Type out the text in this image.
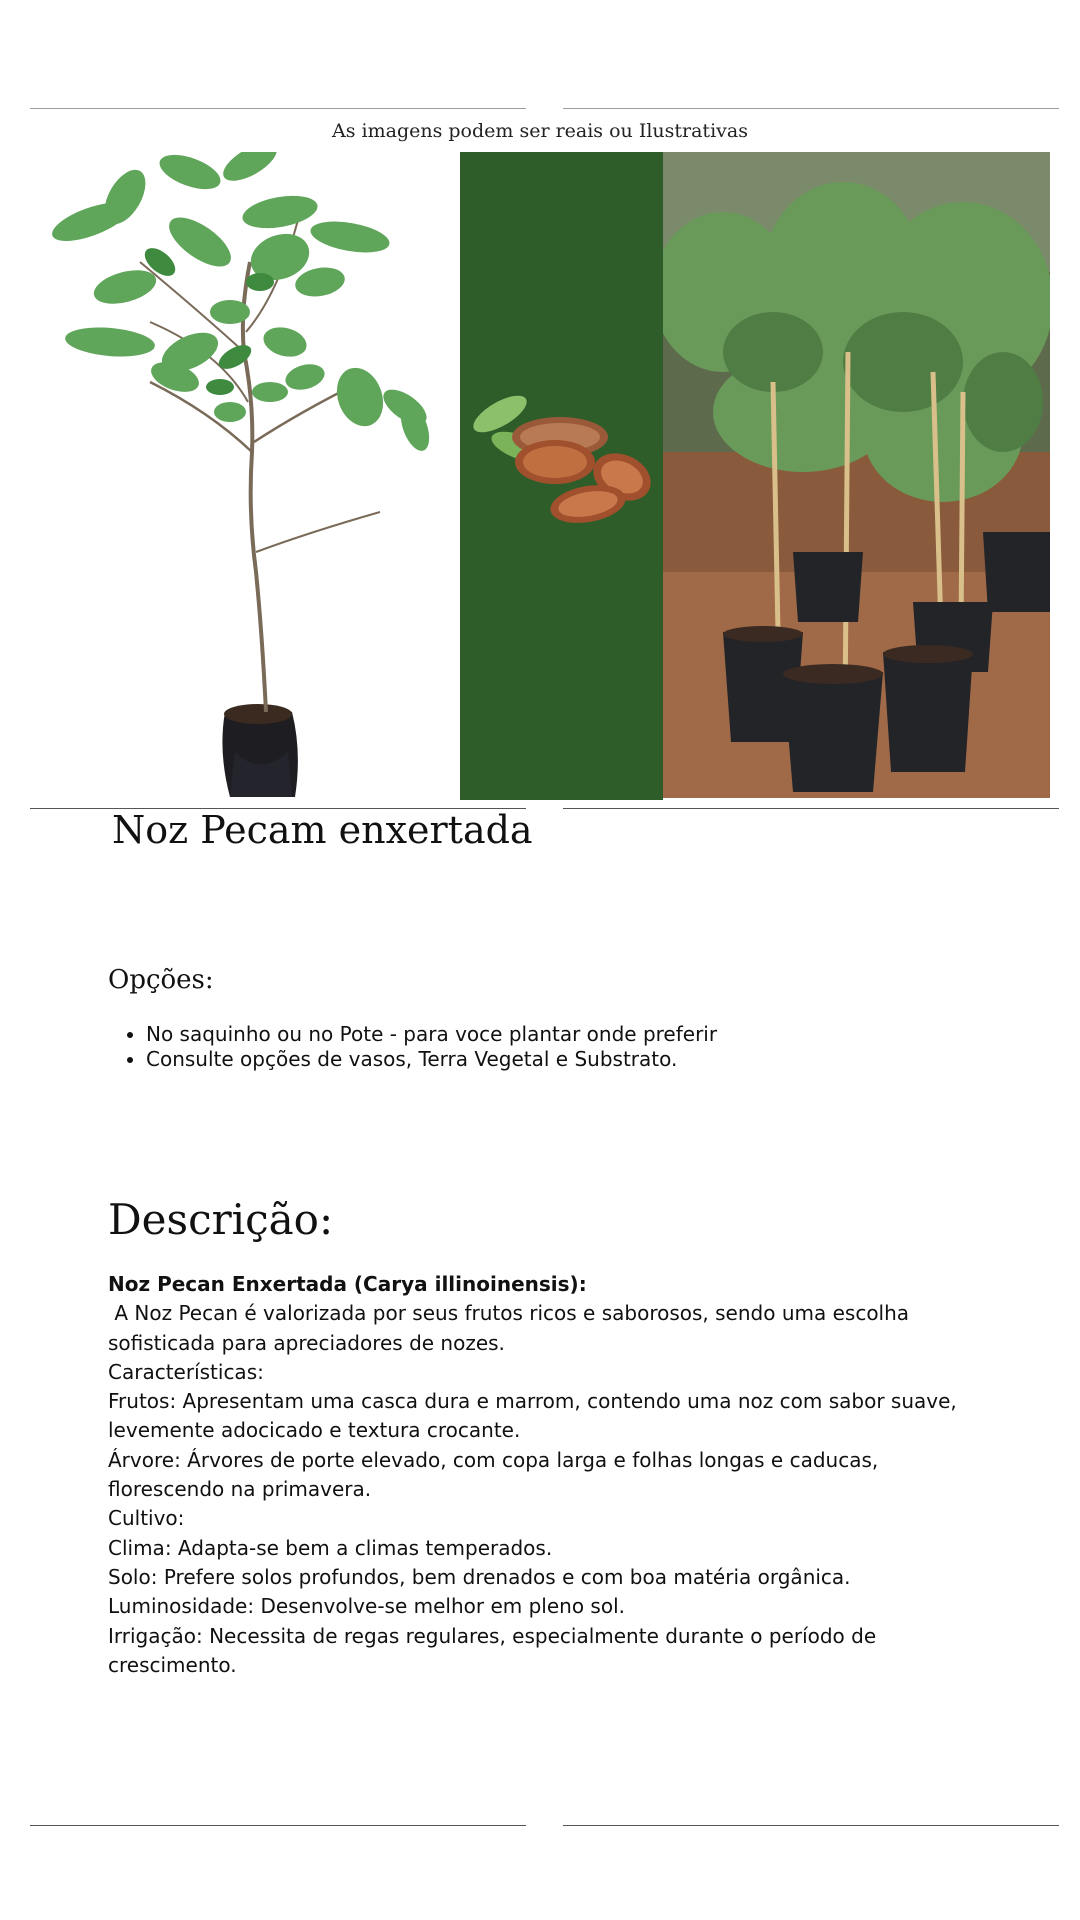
As imagens podem ser reais ou Ilustrativas
Noz Pecam enxertada
Opções:
• No saquinho ou no Pote - para voce plantar onde preferir
• Consulte opções de vasos, Terra Vegetal e Substrato.
Descrição:

Noz Pecan Enxertada (Carya illinoinensis):

A Noz Pecan é valorizada por seus frutos ricos e saborosos, sendo uma escolha sofisticada para apreciadores de nozes.

Características:

Frutos: Apresentam uma casca dura e marrom, contendo uma noz com sabor suave, levemente adocicado e textura crocante.

Árvore: Árvores de porte elevado, com copa larga e folhas longas e caducas, florescendo na primavera.

Cultivo:

Clima: Adapta-se bem a climas temperados.

Solo: Prefere solos profundos, bem drenados e com boa matéria orgânica.

Luminosidade: Desenvolve-se melhor em pleno sol.

Irrigação: Necessita de regas regulares, especialmente durante o período de crescimento.
